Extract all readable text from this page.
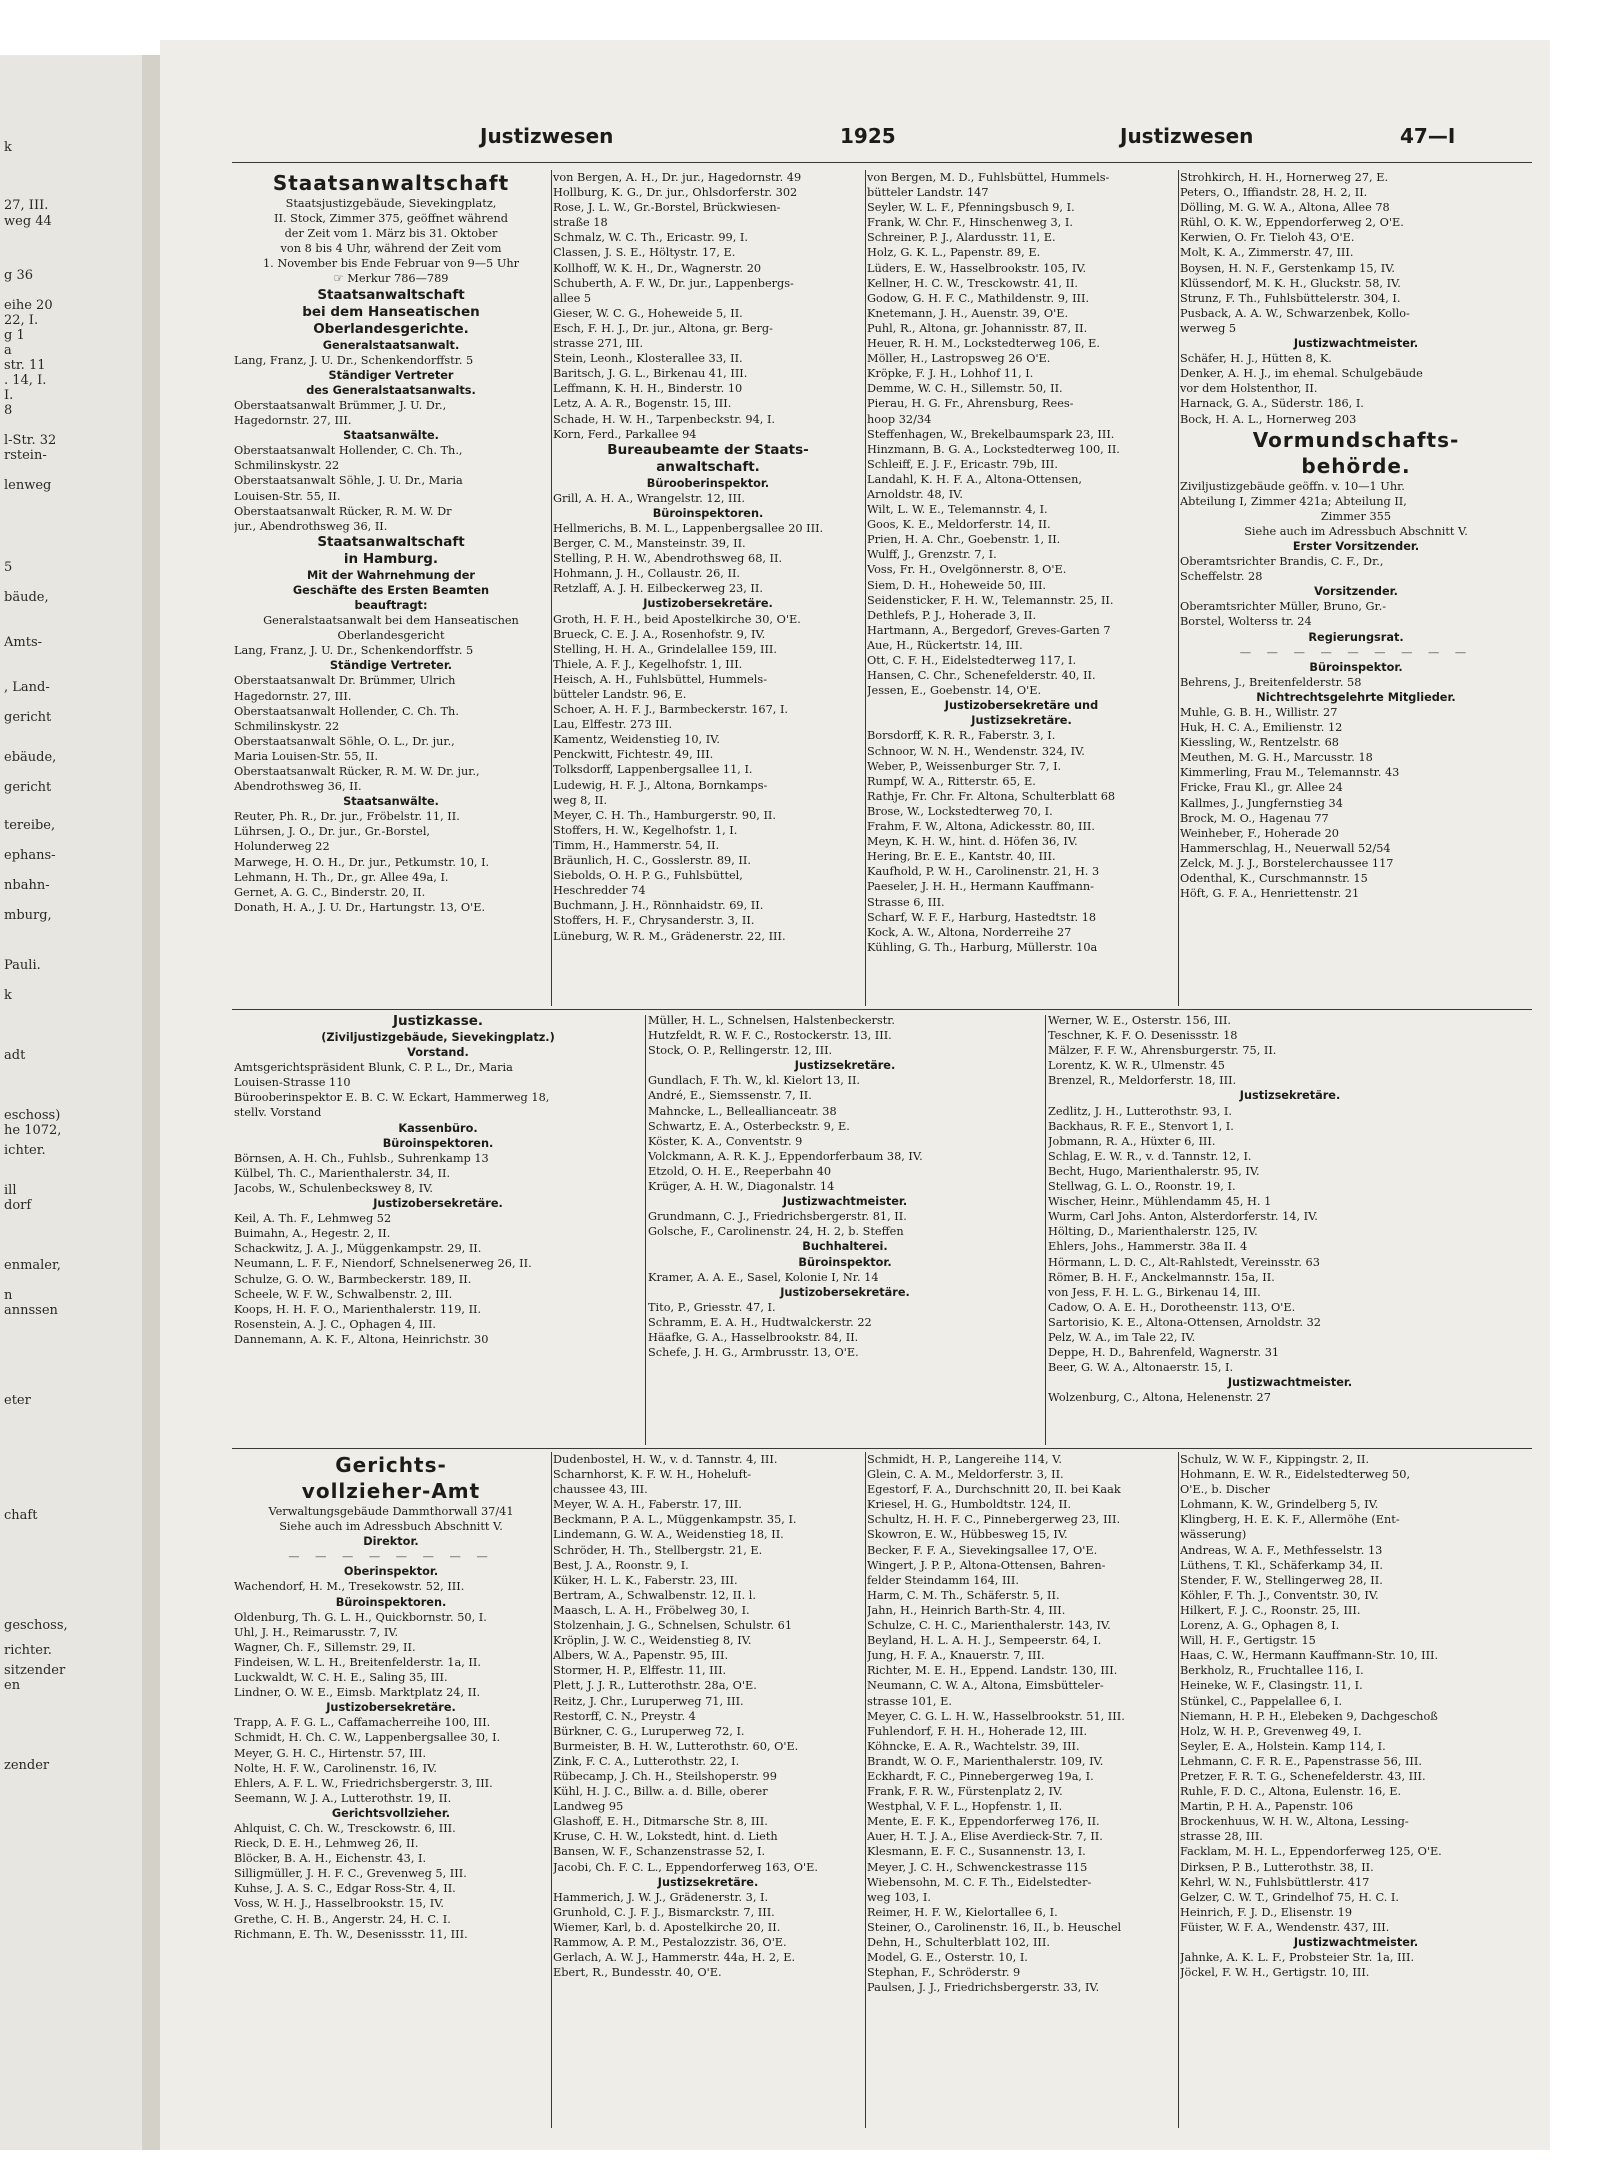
k
27, III.
weg 44
g 36
eihe 20
22, I.
g 1
a
str. 11
. 14, I.
I.
8
l-Str. 32
rstein-
lenweg
5
bäude,
Amts-
, Land-
gericht
ebäude,
gericht
tereibe,
ephans-
nbahn-
mburg,
Pauli.
k
adt
eschoss)
he 1072,
ichter.
ill
dorf
enmaler,
n
annssen
eter
chaft
geschoss,
richter.
sitzender
en
zender
Justizwesen	1925	Justizwesen	47—I
Staatsanwaltschaft
Staatsjustizgebäude, Sievekingplatz,
II. Stock, Zimmer 375, geöffnet während
der Zeit vom 1. März bis 31. Oktober
von 8 bis 4 Uhr, während der Zeit vom
1. November bis Ende Februar von 9—5 Uhr
☞ Merkur 786—789
Staatsanwaltschaft
bei dem Hanseatischen
Oberlandesgerichte.
Generalstaatsanwalt.
Lang, Franz, J. U. Dr., Schenkendorffstr. 5
Ständiger Vertreter
des Generalstaatsanwalts.
Oberstaatsanwalt Brümmer, J. U. Dr.,
Hagedornstr. 27, III.
Staatsanwälte.
Oberstaatsanwalt Hollender, C. Ch. Th.,
Schmilinskystr. 22
Oberstaatsanwalt Söhle, J. U. Dr., Maria
Louisen-Str. 55, II.
Oberstaatsanwalt Rücker, R. M. W. Dr
jur., Abendrothsweg 36, II.
Staatsanwaltschaft
in Hamburg.
Mit der Wahrnehmung der
Geschäfte des Ersten Beamten
beauftragt:
Generalstaatsanwalt bei dem Hanseatischen
Oberlandesgericht
Lang, Franz, J. U. Dr., Schenkendorffstr. 5
Ständige Vertreter.
Oberstaatsanwalt Dr. Brümmer, Ulrich
Hagedornstr. 27, III.
Oberstaatsanwalt Hollender, C. Ch. Th.
Schmilinskystr. 22
Oberstaatsanwalt Söhle, O. L., Dr. jur.,
Maria Louisen-Str. 55, II.
Oberstaatsanwalt Rücker, R. M. W. Dr. jur.,
Abendrothsweg 36, II.
Staatsanwälte.
Reuter, Ph. R., Dr. jur., Fröbelstr. 11, II.
Lührsen, J. O., Dr. jur., Gr.-Borstel,
Holunderweg 22
Marwege, H. O. H., Dr. jur., Petkumstr. 10, I.
Lehmann, H. Th., Dr., gr. Allee 49a, I.
Gernet, A. G. C., Binderstr. 20, II.
Donath, H. A., J. U. Dr., Hartungstr. 13, O'E.
von Bergen, A. H., Dr. jur., Hagedornstr. 49
Hollburg, K. G., Dr. jur., Ohlsdorferstr. 302
Rose, J. L. W., Gr.-Borstel, Brückwiesen-
straße 18
Schmalz, W. C. Th., Ericastr. 99, I.
Classen, J. S. E., Höltystr. 17, E.
Kollhoff, W. K. H., Dr., Wagnerstr. 20
Schuberth, A. F. W., Dr. jur., Lappenbergs-
allee 5
Gieser, W. C. G., Hoheweide 5, II.
Esch, F. H. J., Dr. jur., Altona, gr. Berg-
strasse 271, III.
Stein, Leonh., Klosterallee 33, II.
Baritsch, J. G. L., Birkenau 41, III.
Leffmann, K. H. H., Binderstr. 10
Letz, A. A. R., Bogenstr. 15, III.
Schade, H. W. H., Tarpenbeckstr. 94, I.
Korn, Ferd., Parkallee 94
Bureaubeamte der Staats-
anwaltschaft.
Bürooberinspektor.
Grill, A. H. A., Wrangelstr. 12, III.
Büroinspektoren.
Hellmerichs, B. M. L., Lappenbergsallee 20 III.
Berger, C. M., Mansteinstr. 39, II.
Stelling, P. H. W., Abendrothsweg 68, II.
Hohmann, J. H., Collaustr. 26, II.
Retzlaff, A. J. H. Eilbeckerweg 23, II.
Justizobersekretäre.
Groth, H. F. H., beid Apostelkirche 30, O'E.
Brueck, C. E. J. A., Rosenhofstr. 9, IV.
Stelling, H. H. A., Grindelallee 159, III.
Thiele, A. F. J., Kegelhofstr. 1, III.
Heisch, A. H., Fuhlsbüttel, Hummels-
bütteler Landstr. 96, E.
Schoer, A. H. F. J., Barmbeckerstr. 167, I.
Lau, Elffestr. 273 III.
Kamentz, Weidenstieg 10, IV.
Penckwitt, Fichtestr. 49, III.
Tolksdorff, Lappenbergsallee 11, I.
Ludewig, H. F. J., Altona, Bornkamps-
weg 8, II.
Meyer, C. H. Th., Hamburgerstr. 90, II.
Stoffers, H. W., Kegelhofstr. 1, I.
Timm, H., Hammerstr. 54, II.
Bräunlich, H. C., Gosslerstr. 89, II.
Siebolds, O. H. P. G., Fuhlsbüttel,
Heschredder 74
Buchmann, J. H., Rönnhaidstr. 69, II.
Stoffers, H. F., Chrysanderstr. 3, II.
Lüneburg, W. R. M., Grädenerstr. 22, III.
von Bergen, M. D., Fuhlsbüttel, Hummels-
bütteler Landstr. 147
Seyler, W. L. F., Pfenningsbusch 9, I.
Frank, W. Chr. F., Hinschenweg 3, I.
Schreiner, P. J., Alardusstr. 11, E.
Holz, G. K. L., Papenstr. 89, E.
Lüders, E. W., Hasselbrookstr. 105, IV.
Kellner, H. C. W., Tresckowstr. 41, II.
Godow, G. H. F. C., Mathildenstr. 9, III.
Knetemann, J. H., Auenstr. 39, O'E.
Puhl, R., Altona, gr. Johannisstr. 87, II.
Heuer, R. H. M., Lockstedterweg 106, E.
Möller, H., Lastropsweg 26 O'E.
Kröpke, F. J. H., Lohhof 11, I.
Demme, W. C. H., Sillemstr. 50, II.
Pierau, H. G. Fr., Ahrensburg, Rees-
hoop 32/34
Steffenhagen, W., Brekelbaumspark 23, III.
Hinzmann, B. G. A., Lockstedterweg 100, II.
Schleiff, E. J. F., Ericastr. 79b, III.
Landahl, K. H. F. A., Altona-Ottensen,
Arnoldstr. 48, IV.
Wilt, L. W. E., Telemannstr. 4, I.
Goos, K. E., Meldorferstr. 14, II.
Prien, H. A. Chr., Goebenstr. 1, II.
Wulff, J., Grenzstr. 7, I.
Voss, Fr. H., Ovelgönnerstr. 8, O'E.
Siem, D. H., Hoheweide 50, III.
Seidensticker, F. H. W., Telemannstr. 25, II.
Dethlefs, P. J., Hoherade 3, II.
Hartmann, A., Bergedorf, Greves-Garten 7
Aue, H., Rückertstr. 14, III.
Ott, C. F. H., Eidelstedterweg 117, I.
Hansen, C. Chr., Schenefelderstr. 40, II.
Jessen, E., Goebenstr. 14, O'E.
Justizobersekretäre und
Justizsekretäre.
Borsdorff, K. R. R., Faberstr. 3, I.
Schnoor, W. N. H., Wendenstr. 324, IV.
Weber, P., Weissenburger Str. 7, I.
Rumpf, W. A., Ritterstr. 65, E.
Rathje, Fr. Chr. Fr. Altona, Schulterblatt 68
Brose, W., Lockstedterweg 70, I.
Frahm, F. W., Altona, Adickesstr. 80, III.
Meyn, K. H. W., hint. d. Höfen 36, IV.
Hering, Br. E. E., Kantstr. 40, III.
Kaufhold, P. W. H., Carolinenstr. 21, H. 3
Paeseler, J. H. H., Hermann Kauffmann-
Strasse 6, III.
Scharf, W. F. F., Harburg, Hastedtstr. 18
Kock, A. W., Altona, Norderreihe 27
Kühling, G. Th., Harburg, Müllerstr. 10a
Strohkirch, H. H., Hornerweg 27, E.
Peters, O., Iffiandstr. 28, H. 2, II.
Dölling, M. G. W. A., Altona, Allee 78
Rühl, O. K. W., Eppendorferweg 2, O'E.
Kerwien, O. Fr. Tieloh 43, O'E.
Molt, K. A., Zimmerstr. 47, III.
Boysen, H. N. F., Gerstenkamp 15, IV.
Klüssendorf, M. K. H., Gluckstr. 58, IV.
Strunz, F. Th., Fuhlsbüttelerstr. 304, I.
Pusback, A. A. W., Schwarzenbek, Kollo-
werweg 5
Justizwachtmeister.
Schäfer, H. J., Hütten 8, K.
Denker, A. H. J., im ehemal. Schulgebäude
vor dem Holstenthor, II.
Harnack, G. A., Süderstr. 186, I.
Bock, H. A. L., Hornerweg 203
Vormundschafts-
behörde.
Ziviljustizgebäude geöffn. v. 10—1 Uhr.
Abteilung I, Zimmer 421a; Abteilung II,
Zimmer 355
Siehe auch im Adressbuch Abschnitt V.
Erster Vorsitzender.
Oberamtsrichter Brandis, C. F., Dr.,
Scheffelstr. 28
Vorsitzender.
Oberamtsrichter Müller, Bruno, Gr.-
Borstel, Wolterss tr. 24
Regierungsrat.
— — — — — — — — —
Büroinspektor.
Behrens, J., Breitenfelderstr. 58
Nichtrechtsgelehrte Mitglieder.
Muhle, G. B. H., Willistr. 27
Huk, H. C. A., Emilienstr. 12
Kiessling, W., Rentzelstr. 68
Meuthen, M. G. H., Marcusstr. 18
Kimmerling, Frau M., Telemannstr. 43
Fricke, Frau Kl., gr. Allee 24
Kallmes, J., Jungfernstieg 34
Brock, M. O., Hagenau 77
Weinheber, F., Hoherade 20
Hammerschlag, H., Neuerwall 52/54
Zelck, M. J. J., Borstelerchaussee 117
Odenthal, K., Curschmannstr. 15
Höft, G. F. A., Henriettenstr. 21
Justizkasse.
(Ziviljustizgebäude, Sievekingplatz.)
Vorstand.
Amtsgerichtspräsident Blunk, C. P. L., Dr., Maria
Louisen-Strasse 110
Bürooberinspektor E. B. C. W. Eckart, Hammerweg 18,
stellv. Vorstand
Kassenbüro.
Büroinspektoren.
Börnsen, A. H. Ch., Fuhlsb., Suhrenkamp 13
Külbel, Th. C., Marienthalerstr. 34, II.
Jacobs, W., Schulenbeckswey 8, IV.
Justizobersekretäre.
Keil, A. Th. F., Lehmweg 52
Buimahn, A., Hegestr. 2, II.
Schackwitz, J. A. J., Müggenkampstr. 29, II.
Neumann, L. F. F., Niendorf, Schnelsenerweg 26, II.
Schulze, G. O. W., Barmbeckerstr. 189, II.
Scheele, W. F. W., Schwalbenstr. 2, III.
Koops, H. H. F. O., Marienthalerstr. 119, II.
Rosenstein, A. J. C., Ophagen 4, III.
Dannemann, A. K. F., Altona, Heinrichstr. 30
Müller, H. L., Schnelsen, Halstenbeckerstr.
Hutzfeldt, R. W. F. C., Rostockerstr. 13, III.
Stock, O. P., Rellingerstr. 12, III.
Justizsekretäre.
Gundlach, F. Th. W., kl. Kielort 13, II.
André, E., Siemssenstr. 7, II.
Mahncke, L., Belleallianceatr. 38
Schwartz, E. A., Osterbeckstr. 9, E.
Köster, K. A., Conventstr. 9
Volckmann, A. R. K. J., Eppendorferbaum 38, IV.
Etzold, O. H. E., Reeperbahn 40
Krüger, A. H. W., Diagonalstr. 14
Justizwachtmeister.
Grundmann, C. J., Friedrichsbergerstr. 81, II.
Golsche, F., Carolinenstr. 24, H. 2, b. Steffen
Buchhalterei.
Büroinspektor.
Kramer, A. A. E., Sasel, Kolonie I, Nr. 14
Justizobersekretäre.
Tito, P., Griesstr. 47, I.
Schramm, E. A. H., Hudtwalckerstr. 22
Häafke, G. A., Hasselbrookstr. 84, II.
Schefe, J. H. G., Armbrusstr. 13, O'E.
Werner, W. E., Osterstr. 156, III.
Teschner, K. F. O. Desenissstr. 18
Mälzer, F. F. W., Ahrensburgerstr. 75, II.
Lorentz, K. W. R., Ulmenstr. 45
Brenzel, R., Meldorferstr. 18, III.
Justizsekretäre.
Zedlitz, J. H., Lutterothstr. 93, I.
Backhaus, R. F. E., Stenvort 1, I.
Jobmann, R. A., Hüxter 6, III.
Schlag, E. W. R., v. d. Tannstr. 12, I.
Becht, Hugo, Marienthalerstr. 95, IV.
Stellwag, G. L. O., Roonstr. 19, I.
Wischer, Heinr., Mühlendamm 45, H. 1
Wurm, Carl Johs. Anton, Alsterdorferstr. 14, IV.
Hölting, D., Marienthalerstr. 125, IV.
Ehlers, Johs., Hammerstr. 38a II. 4
Hörmann, L. D. C., Alt-Rahlstedt, Vereinsstr. 63
Römer, B. H. F., Anckelmannstr. 15a, II.
von Jess, F. H. L. G., Birkenau 14, III.
Cadow, O. A. E. H., Dorotheenstr. 113, O'E.
Sartorisio, K. E., Altona-Ottensen, Arnoldstr. 32
Pelz, W. A., im Tale 22, IV.
Deppe, H. D., Bahrenfeld, Wagnerstr. 31
Beer, G. W. A., Altonaerstr. 15, I.
Justizwachtmeister.
Wolzenburg, C., Altona, Helenenstr. 27
Gerichts-
vollzieher-Amt
Verwaltungsgebäude Dammthorwall 37/41
Siehe auch im Adressbuch Abschnitt V.
Direktor.
— — — — — — — —
Oberinspektor.
Wachendorf, H. M., Tresekowstr. 52, III.
Büroinspektoren.
Oldenburg, Th. G. L. H., Quickbornstr. 50, I.
Uhl, J. H., Reimarusstr. 7, IV.
Wagner, Ch. F., Sillemstr. 29, II.
Findeisen, W. L. H., Breitenfelderstr. 1a, II.
Luckwaldt, W. C. H. E., Saling 35, III.
Lindner, O. W. E., Eimsb. Marktplatz 24, II.
Justizobersekretäre.
Trapp, A. F. G. L., Caffamacherreihe 100, III.
Schmidt, H. Ch. C. W., Lappenbergsallee 30, I.
Meyer, G. H. C., Hirtenstr. 57, III.
Nolte, H. F. W., Carolinenstr. 16, IV.
Ehlers, A. F. L. W., Friedrichsbergerstr. 3, III.
Seemann, W. J. A., Lutterothstr. 19, II.
Gerichtsvollzieher.
Ahlquist, C. Ch. W., Tresckowstr. 6, III.
Rieck, D. E. H., Lehmweg 26, II.
Blöcker, B. A. H., Eichenstr. 43, I.
Silligmüller, J. H. F. C., Grevenweg 5, III.
Kuhse, J. A. S. C., Edgar Ross-Str. 4, II.
Voss, W. H. J., Hasselbrookstr. 15, IV.
Grethe, C. H. B., Angerstr. 24, H. C. I.
Richmann, E. Th. W., Desenissstr. 11, III.
Dudenbostel, H. W., v. d. Tannstr. 4, III.
Scharnhorst, K. F. W. H., Hoheluft-
chaussee 43, III.
Meyer, W. A. H., Faberstr. 17, III.
Beckmann, P. A. L., Müggenkampstr. 35, I.
Lindemann, G. W. A., Weidenstieg 18, II.
Schröder, H. Th., Stellbergstr. 21, E.
Best, J. A., Roonstr. 9, I.
Küker, H. L. K., Faberstr. 23, III.
Bertram, A., Schwalbenstr. 12, II. l.
Maasch, L. A. H., Fröbelweg 30, I.
Stolzenhain, J. G., Schnelsen, Schulstr. 61
Kröplin, J. W. C., Weidenstieg 8, IV.
Albers, W. A., Papenstr. 95, III.
Stormer, H. P., Elffestr. 11, III.
Plett, J. J. R., Lutterothstr. 28a, O'E.
Reitz, J. Chr., Luruperweg 71, III.
Restorff, C. N., Preystr. 4
Bürkner, C. G., Luruperweg 72, I.
Burmeister, B. H. W., Lutterothstr. 60, O'E.
Zink, F. C. A., Lutterothstr. 22, I.
Rübecamp, J. Ch. H., Steilshoperstr. 99
Kühl, H. J. C., Billw. a. d. Bille, oberer
Landweg 95
Glashoff, E. H., Ditmarsche Str. 8, III.
Kruse, C. H. W., Lokstedt, hint. d. Lieth
Bansen, W. F., Schanzenstrasse 52, I.
Jacobi, Ch. F. C. L., Eppendorferweg 163, O'E.
Justizsekretäre.
Hammerich, J. W. J., Grädenerstr. 3, I.
Grunhold, C. J. F. J., Bismarckstr. 7, III.
Wiemer, Karl, b. d. Apostelkirche 20, II.
Rammow, A. P. M., Pestalozzistr. 36, O'E.
Gerlach, A. W. J., Hammerstr. 44a, H. 2, E.
Ebert, R., Bundesstr. 40, O'E.
Schmidt, H. P., Langereihe 114, V.
Glein, C. A. M., Meldorferstr. 3, II.
Egestorf, F. A., Durchschnitt 20, II. bei Kaak
Kriesel, H. G., Humboldtstr. 124, II.
Schultz, H. H. F. C., Pinnebergerweg 23, III.
Skowron, E. W., Hübbesweg 15, IV.
Becker, F. F. A., Sievekingsallee 17, O'E.
Wingert, J. P. P., Altona-Ottensen, Bahren-
felder Steindamm 164, III.
Harm, C. M. Th., Schäferstr. 5, II.
Jahn, H., Heinrich Barth-Str. 4, III.
Schulze, C. H. C., Marienthalerstr. 143, IV.
Beyland, H. L. A. H. J., Sempeerstr. 64, I.
Jung, H. F. A., Knauerstr. 7, III.
Richter, M. E. H., Eppend. Landstr. 130, III.
Neumann, C. W. A., Altona, Eimsbütteler-
strasse 101, E.
Meyer, C. G. L. H. W., Hasselbrookstr. 51, III.
Fuhlendorf, F. H. H., Hoherade 12, III.
Köhncke, E. A. R., Wachtelstr. 39, III.
Brandt, W. O. F., Marienthalerstr. 109, IV.
Eckhardt, F. C., Pinnebergerweg 19a, I.
Frank, F. R. W., Fürstenplatz 2, IV.
Westphal, V. F. L., Hopfenstr. 1, II.
Mente, E. F. K., Eppendorferweg 176, II.
Auer, H. T. J. A., Elise Averdieck-Str. 7, II.
Klesmann, E. F. C., Susannenstr. 13, I.
Meyer, J. C. H., Schwenckestrasse 115
Wiebensohn, M. C. F. Th., Eidelstedter-
weg 103, I.
Reimer, H. F. W., Kielortallee 6, I.
Steiner, O., Carolinenstr. 16, II., b. Heuschel
Dehn, H., Schulterblatt 102, III.
Model, G. E., Osterstr. 10, I.
Stephan, F., Schröderstr. 9
Paulsen, J. J., Friedrichsbergerstr. 33, IV.
Schulz, W. W. F., Kippingstr. 2, II.
Hohmann, E. W. R., Eidelstedterweg 50,
O'E., b. Discher
Lohmann, K. W., Grindelberg 5, IV.
Klingberg, H. E. K. F., Allermöhe (Ent-
wässerung)
Andreas, W. A. F., Methfesselstr. 13
Lüthens, T. Kl., Schäferkamp 34, II.
Stender, F. W., Stellingerweg 28, II.
Köhler, F. Th. J., Conventstr. 30, IV.
Hilkert, F. J. C., Roonstr. 25, III.
Lorenz, A. G., Ophagen 8, I.
Will, H. F., Gertigstr. 15
Haas, C. W., Hermann Kauffmann-Str. 10, III.
Berkholz, R., Fruchtallee 116, I.
Heineke, W. F., Clasingstr. 11, I.
Stünkel, C., Pappelallee 6, I.
Niemann, H. P. H., Elebeken 9, Dachgeschoß
Holz, W. H. P., Grevenweg 49, I.
Seyler, E. A., Holstein. Kamp 114, I.
Lehmann, C. F. R. E., Papenstrasse 56, III.
Pretzer, F. R. T. G., Schenefelderstr. 43, III.
Ruhle, F. D. C., Altona, Eulenstr. 16, E.
Martin, P. H. A., Papenstr. 106
Brockenhuus, W. H. W., Altona, Lessing-
strasse 28, III.
Facklam, M. H. L., Eppendorferweg 125, O'E.
Dirksen, P. B., Lutterothstr. 38, II.
Kehrl, W. N., Fuhlsbüttlerstr. 417
Gelzer, C. W. T., Grindelhof 75, H. C. I.
Heinrich, F. J. D., Elisenstr. 19
Füister, W. F. A., Wendenstr. 437, III.
Justizwachtmeister.
Jahnke, A. K. L. F., Probsteier Str. 1a, III.
Jöckel, F. W. H., Gertigstr. 10, III.
